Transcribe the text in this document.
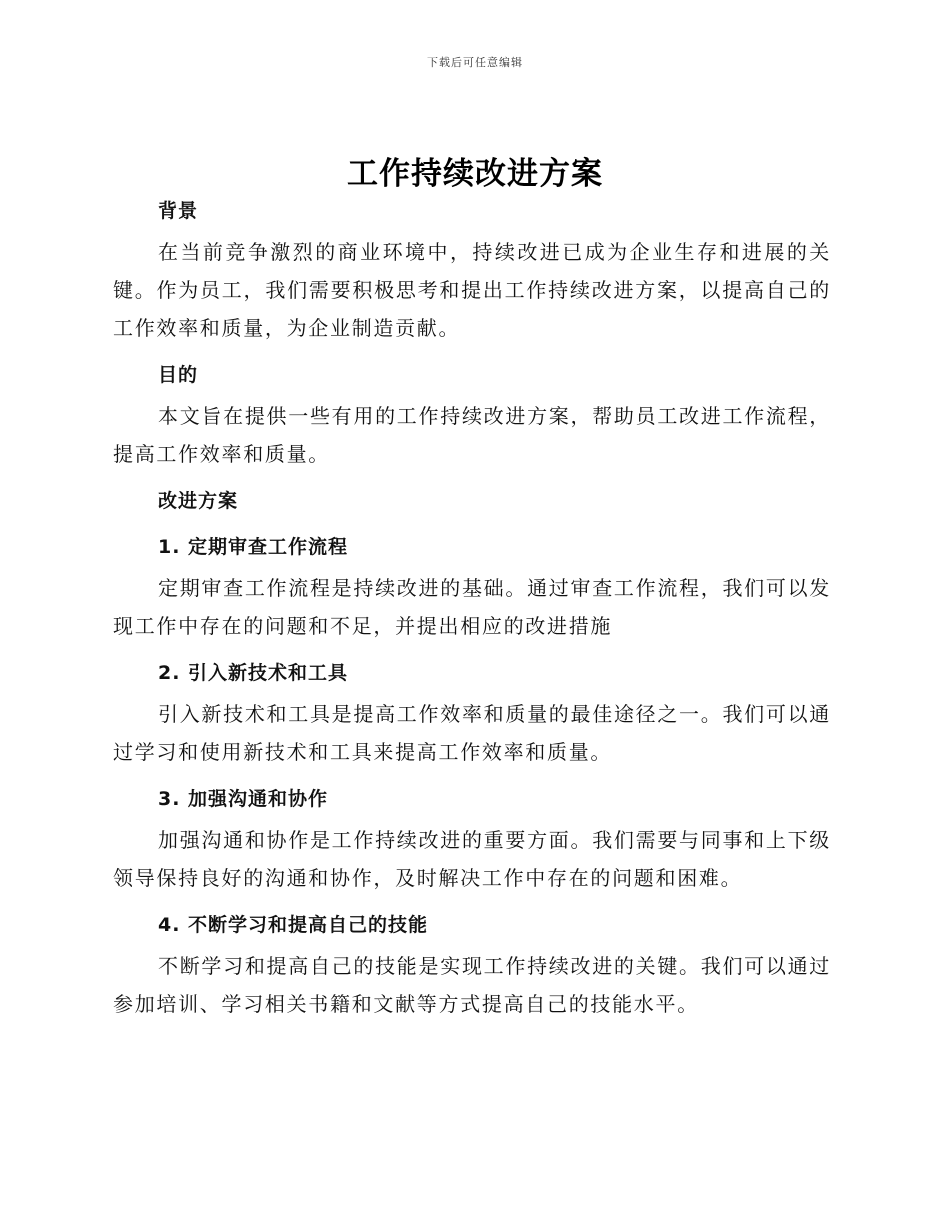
下载后可任意编辑
工作持续改进方案

背景

在当前竞争激烈的商业环境中，持续改进已成为企业生存和进展的关键。作为员工，我们需要积极思考和提出工作持续改进方案，以提高自己的工作效率和质量，为企业制造贡献。

目的

本文旨在提供一些有用的工作持续改进方案，帮助员工改进工作流程，提高工作效率和质量。

改进方案

1. 定期审查工作流程

定期审查工作流程是持续改进的基础。通过审查工作流程，我们可以发现工作中存在的问题和不足，并提出相应的改进措施

2. 引入新技术和工具

引入新技术和工具是提高工作效率和质量的最佳途径之一。我们可以通过学习和使用新技术和工具来提高工作效率和质量。

3. 加强沟通和协作

加强沟通和协作是工作持续改进的重要方面。我们需要与同事和上下级领导保持良好的沟通和协作，及时解决工作中存在的问题和困难。

4. 不断学习和提高自己的技能

不断学习和提高自己的技能是实现工作持续改进的关键。我们可以通过参加培训、学习相关书籍和文献等方式提高自己的技能水平。
